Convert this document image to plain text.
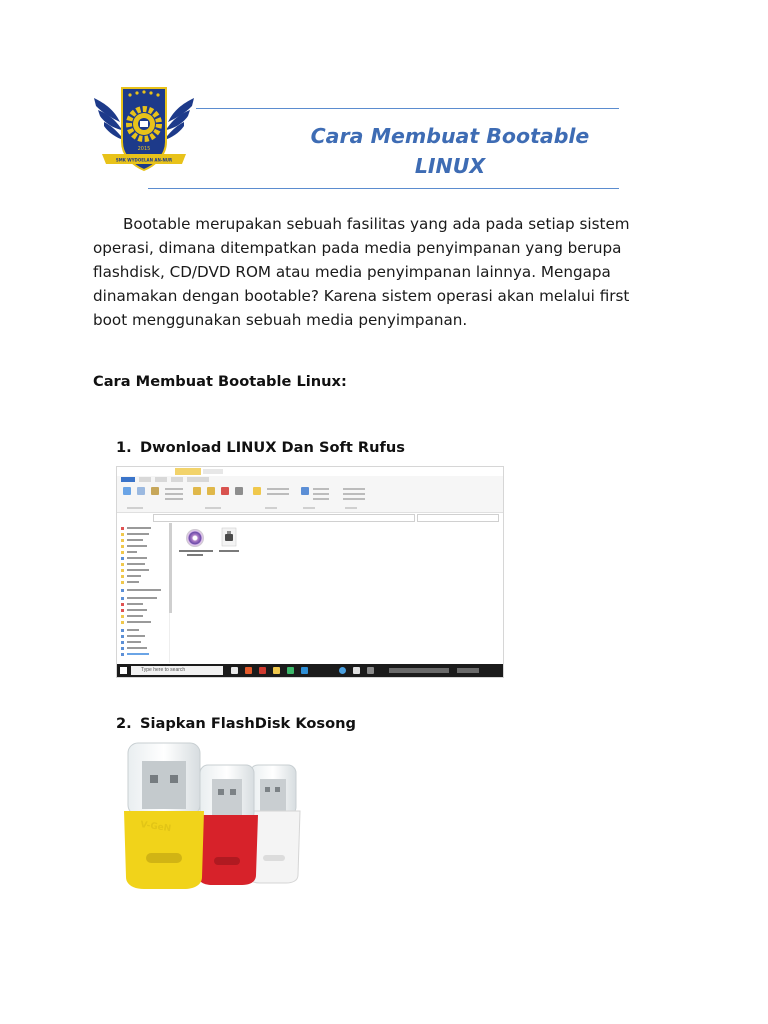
2015
SMK WYDOELAN AN-NUR
Cara Membuat Bootable
LINUX

Bootable merupakan sebuah fasilitas yang ada pada setiap sistem operasi, dimana ditempatkan pada media penyimpanan yang berupa flashdisk, CD/DVD ROM atau media penyimpanan lainnya. Mengapa dinamakan dengan bootable? Karena sistem operasi akan melalui first boot menggunakan sebuah media penyimpanan.

Cara Membuat Bootable Linux:

1. Dwonload LINUX Dan Soft Rufus

Type here to search

2. Siapkan FlashDisk Kosong

V-GeN
